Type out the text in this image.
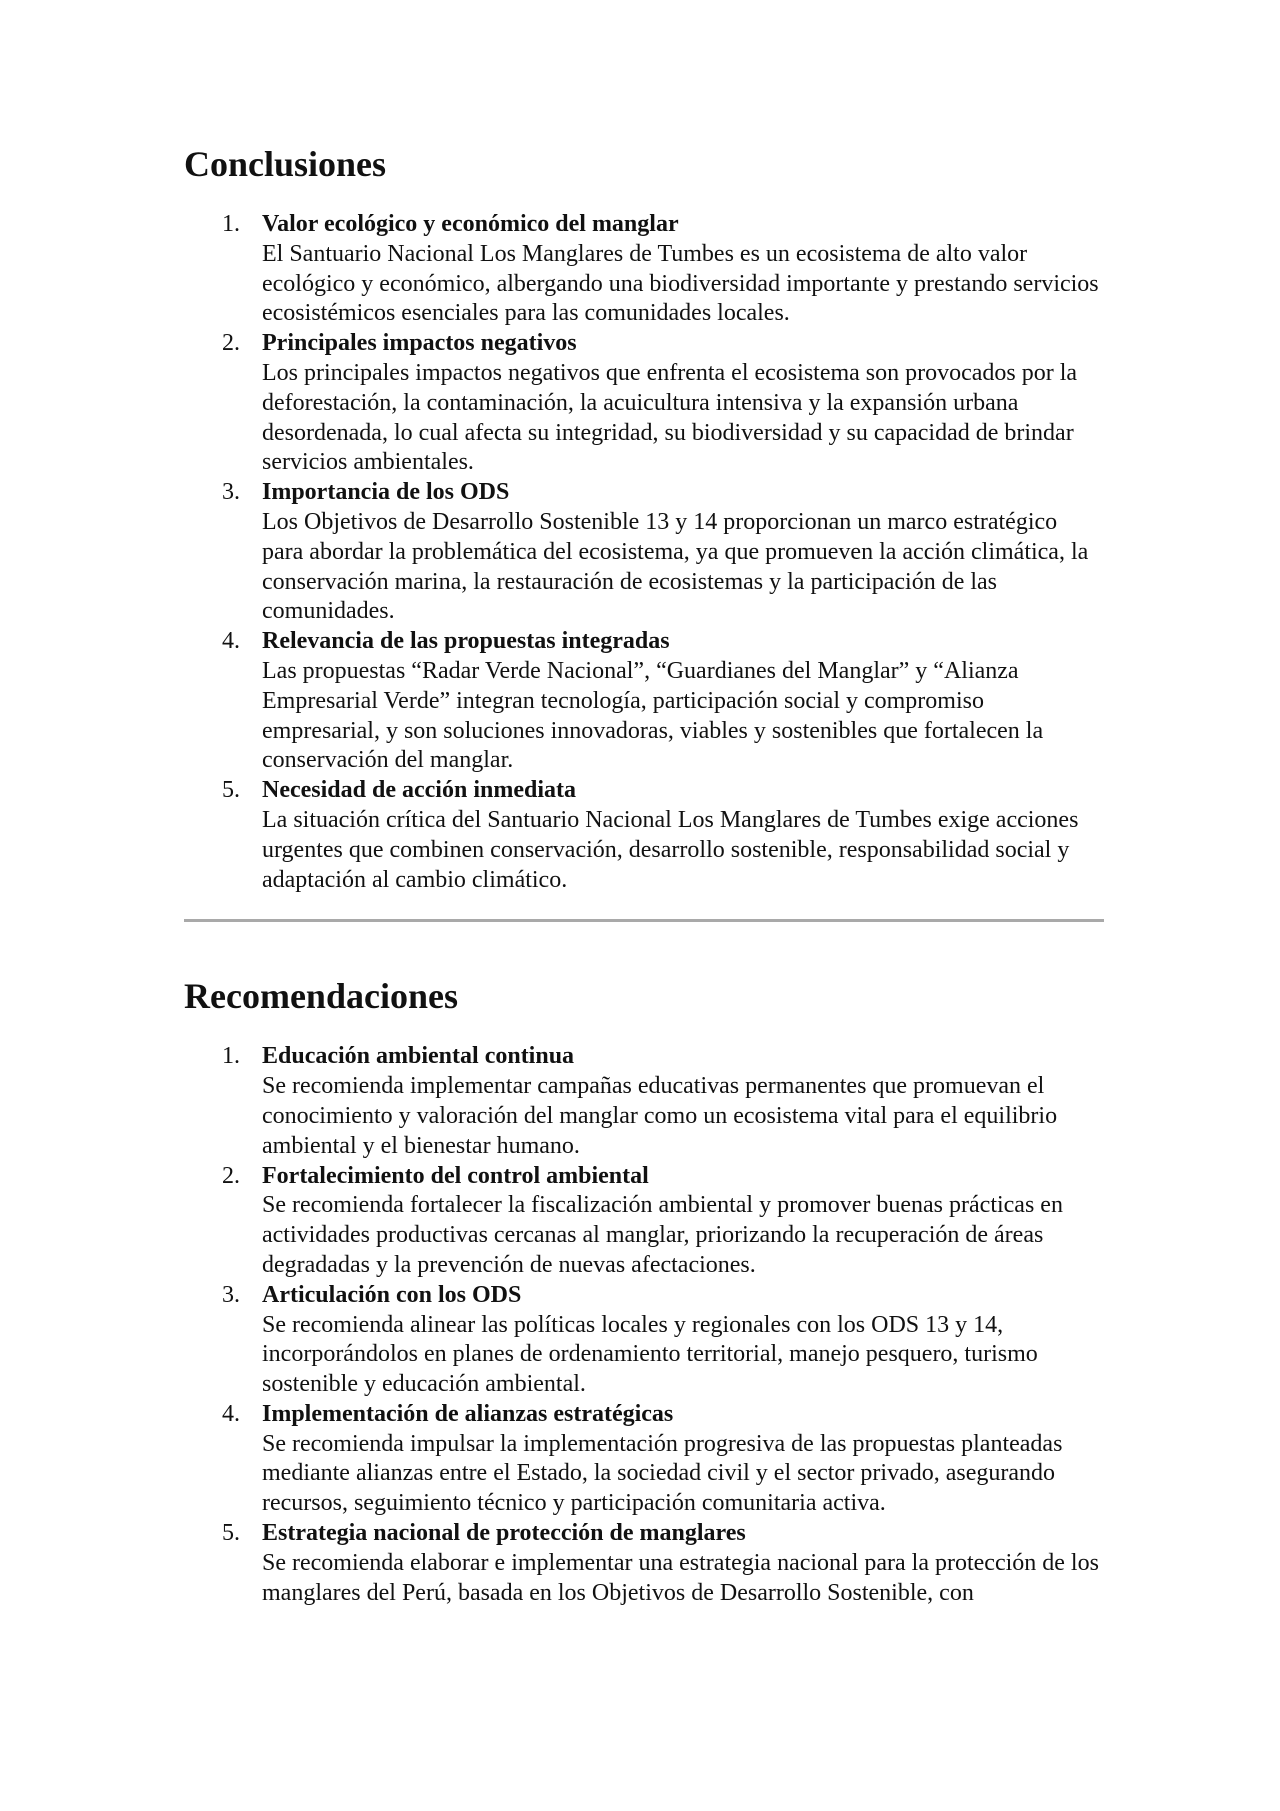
Conclusiones
1. Valor ecológico y económico del manglar
El Santuario Nacional Los Manglares de Tumbes es un ecosistema de alto valor ecológico y económico, albergando una biodiversidad importante y prestando servicios ecosistémicos esenciales para las comunidades locales.
2. Principales impactos negativos
Los principales impactos negativos que enfrenta el ecosistema son provocados por la deforestación, la contaminación, la acuicultura intensiva y la expansión urbana desordenada, lo cual afecta su integridad, su biodiversidad y su capacidad de brindar servicios ambientales.
3. Importancia de los ODS
Los Objetivos de Desarrollo Sostenible 13 y 14 proporcionan un marco estratégico para abordar la problemática del ecosistema, ya que promueven la acción climática, la conservación marina, la restauración de ecosistemas y la participación de las comunidades.
4. Relevancia de las propuestas integradas
Las propuestas “Radar Verde Nacional”, “Guardianes del Manglar” y “Alianza Empresarial Verde” integran tecnología, participación social y compromiso empresarial, y son soluciones innovadoras, viables y sostenibles que fortalecen la conservación del manglar.
5. Necesidad de acción inmediata
La situación crítica del Santuario Nacional Los Manglares de Tumbes exige acciones urgentes que combinen conservación, desarrollo sostenible, responsabilidad social y adaptación al cambio climático.
Recomendaciones
1. Educación ambiental continua
Se recomienda implementar campañas educativas permanentes que promuevan el conocimiento y valoración del manglar como un ecosistema vital para el equilibrio ambiental y el bienestar humano.
2. Fortalecimiento del control ambiental
Se recomienda fortalecer la fiscalización ambiental y promover buenas prácticas en actividades productivas cercanas al manglar, priorizando la recuperación de áreas degradadas y la prevención de nuevas afectaciones.
3. Articulación con los ODS
Se recomienda alinear las políticas locales y regionales con los ODS 13 y 14, incorporándolos en planes de ordenamiento territorial, manejo pesquero, turismo sostenible y educación ambiental.
4. Implementación de alianzas estratégicas
Se recomienda impulsar la implementación progresiva de las propuestas planteadas mediante alianzas entre el Estado, la sociedad civil y el sector privado, asegurando recursos, seguimiento técnico y participación comunitaria activa.
5. Estrategia nacional de protección de manglares
Se recomienda elaborar e implementar una estrategia nacional para la protección de los manglares del Perú, basada en los Objetivos de Desarrollo Sostenible, con
